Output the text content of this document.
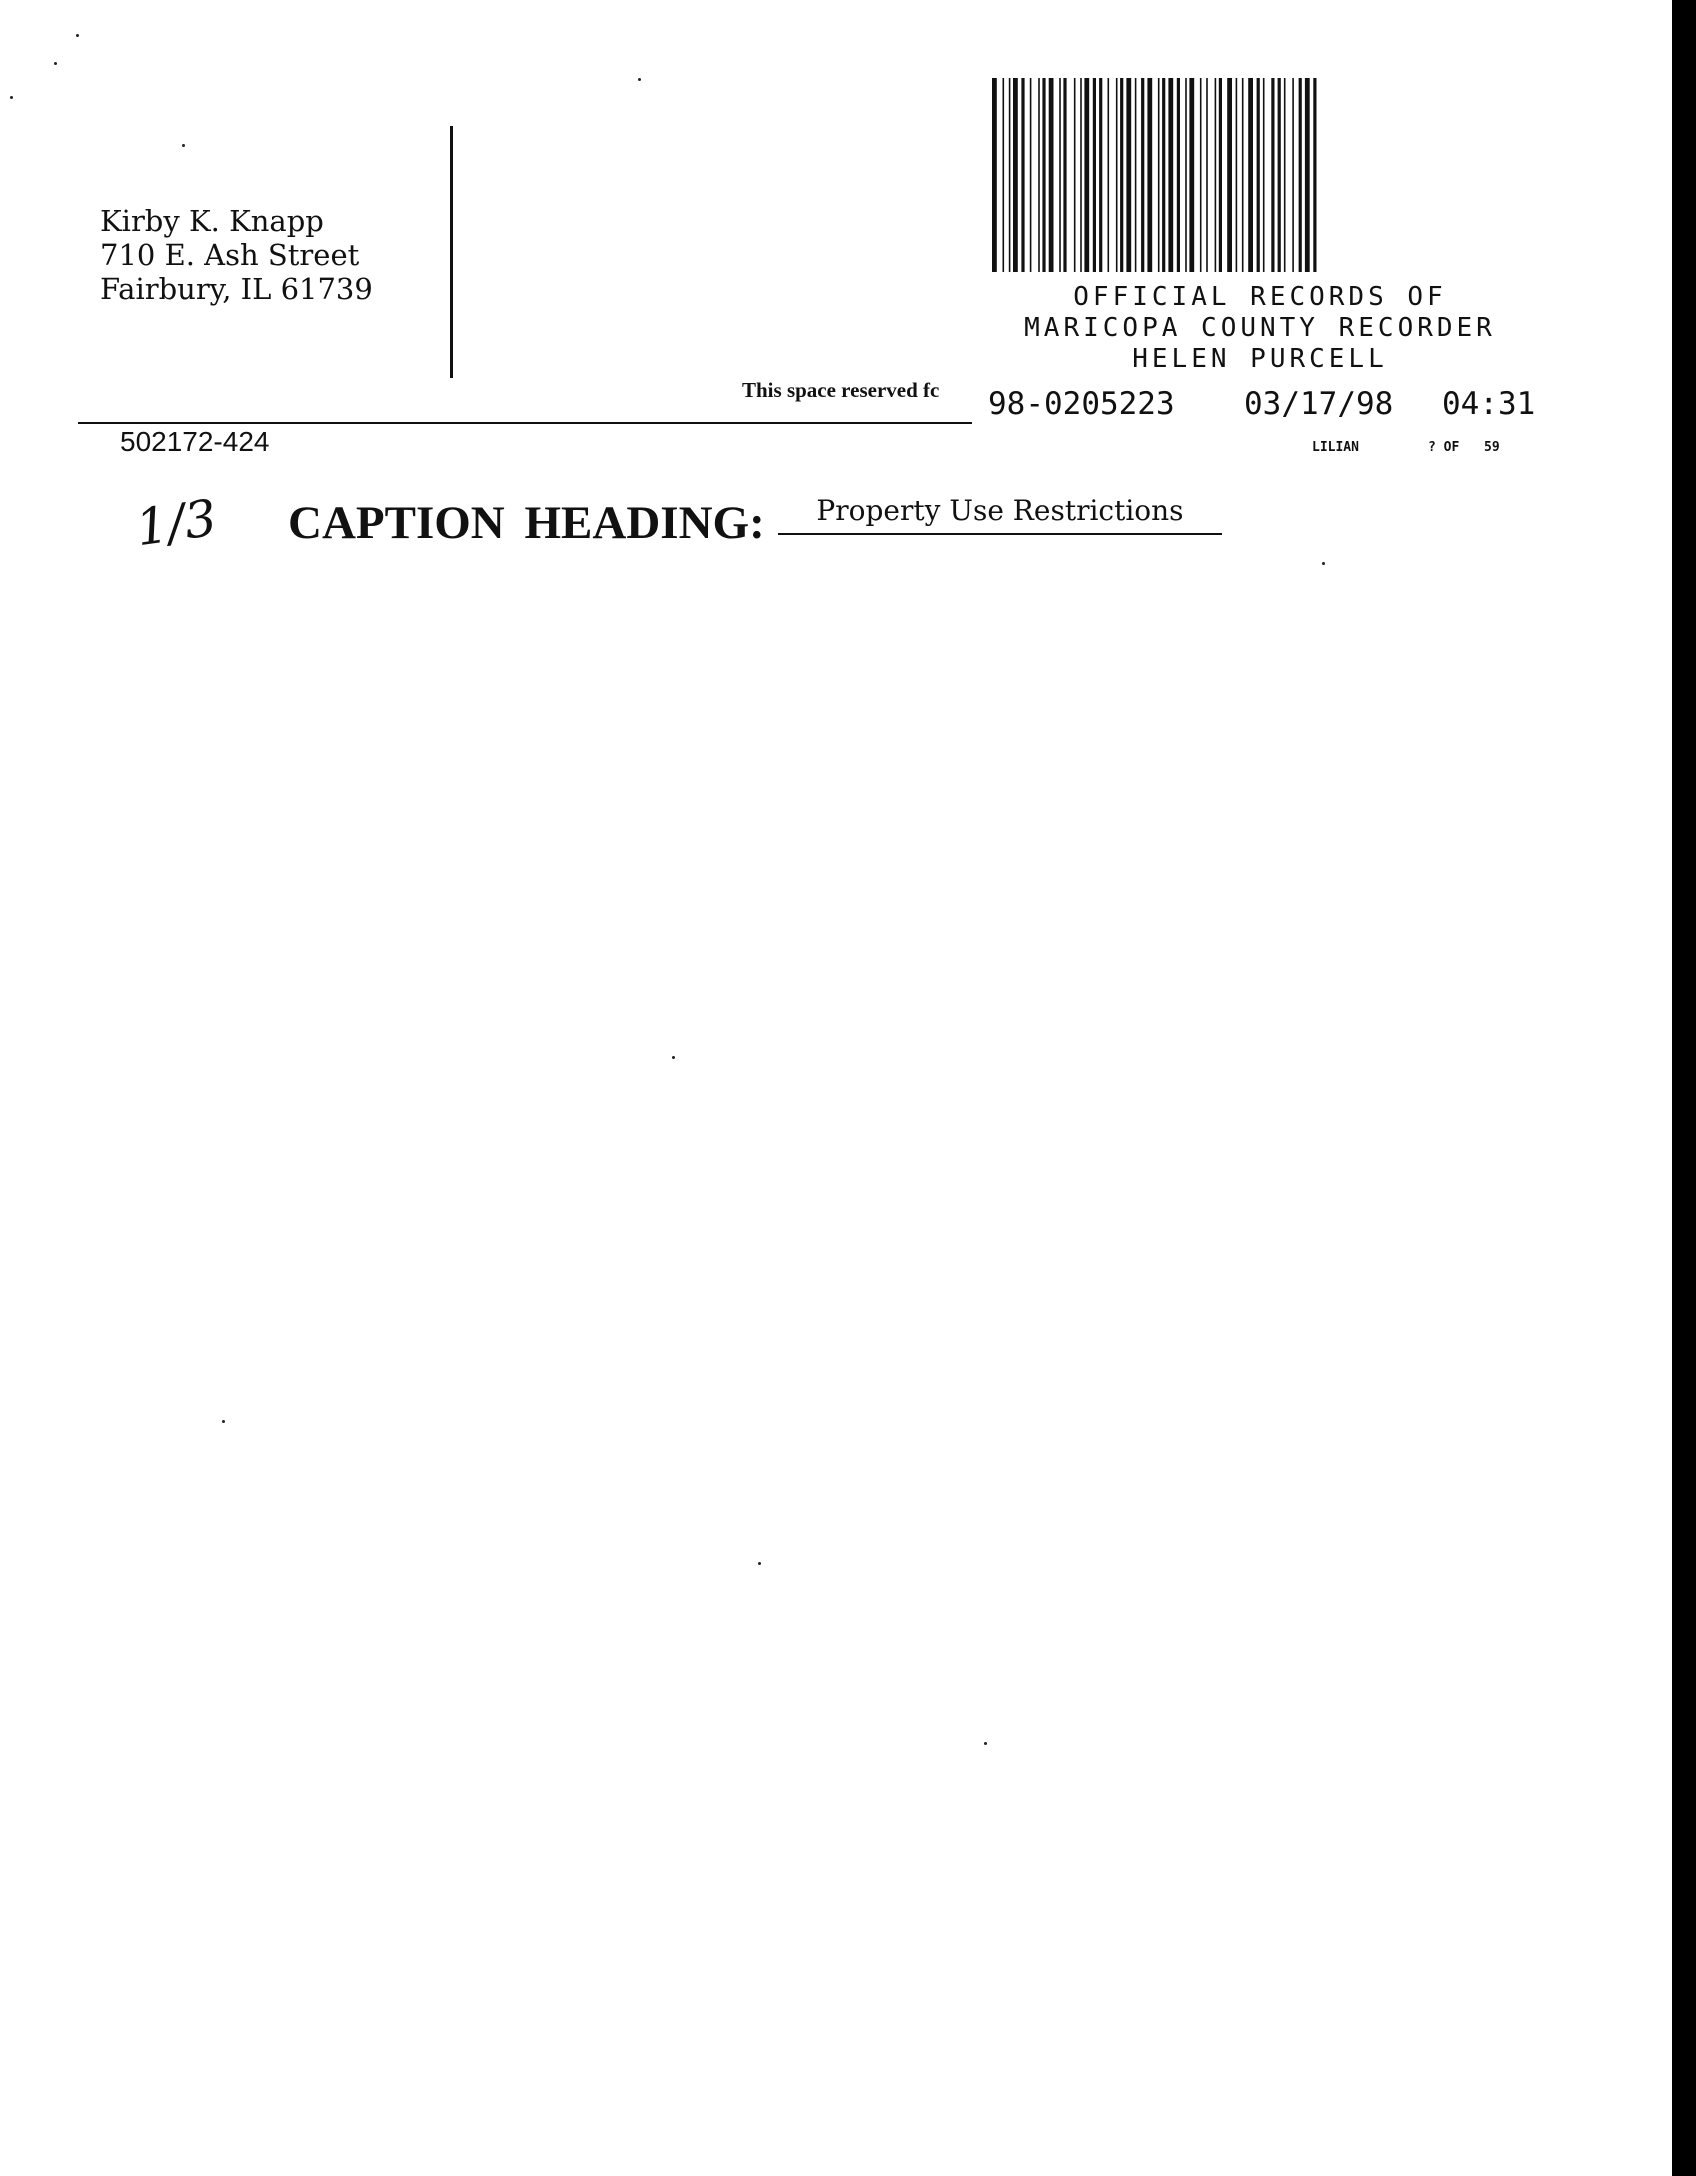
Kirby K. Knapp
710 E. Ash Street
Fairbury, IL 61739
This space reserved fc
OFFICIAL RECORDS OF
MARICOPA COUNTY RECORDER
HELEN PURCELL
98-0205223 03/17/98 04:31
LILIAN	? OF 59
502172-424
1/3 CAPTION HEADING:	Property Use Restrictions
